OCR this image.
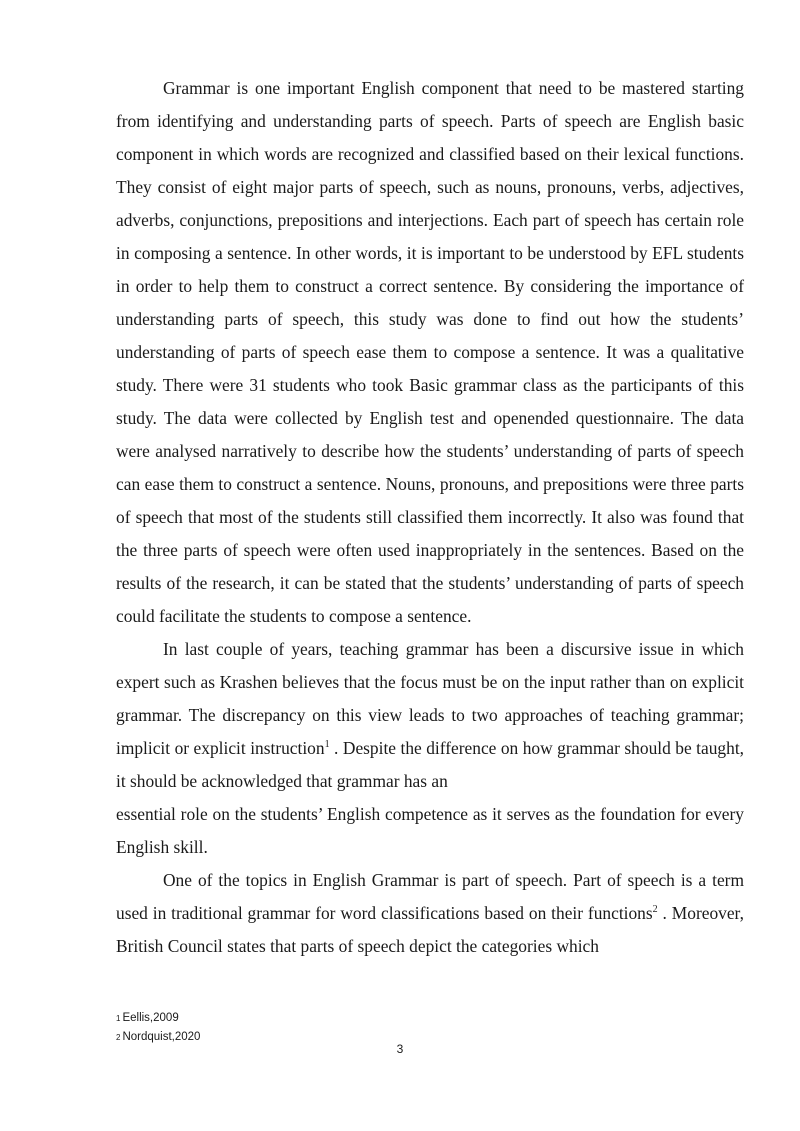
Grammar is one important English component that need to be mastered starting from identifying and understanding parts of speech. Parts of speech are English basic component in which words are recognized and classified based on their lexical functions. They consist of eight major parts of speech, such as nouns, pronouns, verbs, adjectives, adverbs, conjunctions, prepositions and interjections. Each part of speech has certain role in composing a sentence. In other words, it is important to be understood by EFL students in order to help them to construct a correct sentence. By considering the importance of understanding parts of speech, this study was done to find out how the students’ understanding of parts of speech ease them to compose a sentence. It was a qualitative study. There were 31 students who took Basic grammar class as the participants of this study. The data were collected by English test and openended questionnaire. The data were analysed narratively to describe how the students’ understanding of parts of speech can ease them to construct a sentence. Nouns, pronouns, and prepositions were three parts of speech that most of the students still classified them incorrectly. It also was found that the three parts of speech were often used inappropriately in the sentences. Based on the results of the research, it can be stated that the students’ understanding of parts of speech could facilitate the students to compose a sentence.

In last couple of years, teaching grammar has been a discursive issue in which expert such as Krashen believes that the focus must be on the input rather than on explicit grammar. The discrepancy on this view leads to two approaches of teaching grammar; implicit or explicit instruction$^1$ . Despite the difference on how grammar should be taught, it should be acknowledged that grammar has an

essential role on the students’ English competence as it serves as the foundation for every English skill.

One of the topics in English Grammar is part of speech. Part of speech is a term used in traditional grammar for word classifications based on their functions$^2$ . Moreover, British Council states that parts of speech depict the categories which

1 Eellis,2009
2 Nordquist,2020
3
